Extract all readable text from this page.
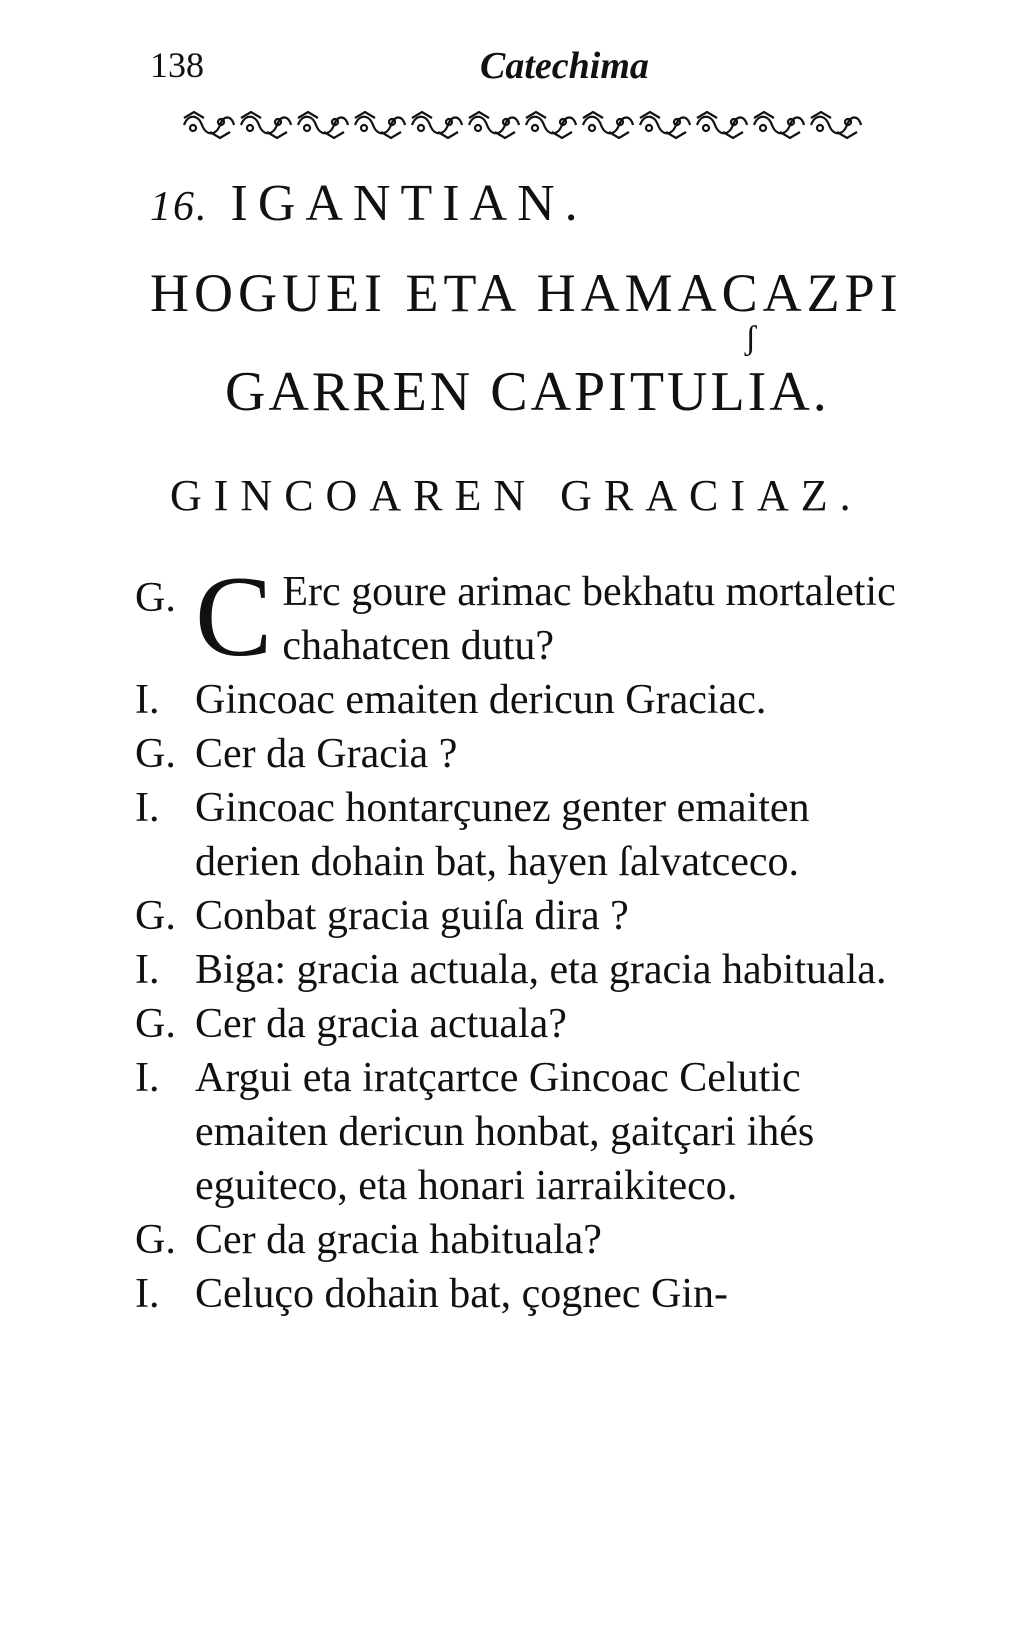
138	Catechima
16. IGANTIAN.
HOGUEI ETA HAMACAZPI
ʃ
GARREN CAPITULIA.
GINCOAREN GRACIAZ.
G. C Erc goure arimac bekhatu mortaletic chahatcen dutu?
I. Gincoac emaiten dericun Graciac.
G. Cer da Gracia ?
I. Gincoac hontarçunez genter emaiten derien dohain bat, hayen ſalvatceco.
G. Conbat gracia guiſa dira ?
I. Biga: gracia actuala, eta gracia habituala.
G. Cer da gracia actuala?
I. Argui eta iratçartce Gincoac Celutic emaiten dericun honbat, gaitçari ihés eguiteco, eta honari iarraikiteco.
G. Cer da gracia habituala?
I. Celuço dohain bat, çognec Gin-
